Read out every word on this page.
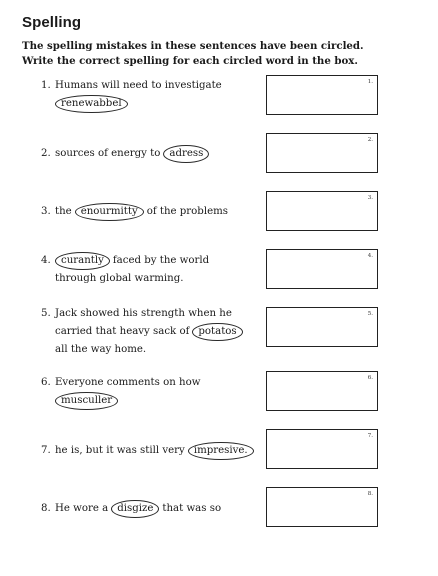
Spelling

The spelling mistakes in these sentences have been circled.

Write the correct spelling for each circled word in the box.

1. Humans will need to investigate
renewabbel
1.
2. sources of energy to adress
2.
3. the enourmitty of the problems
3.
4.	curantly faced by the world
through global warming.
4.
5. Jack showed his strength when he
carried that heavy sack of potatos
all the way home.
5.
6. Everyone comments on how
musculler
6.
7. he is, but it was still very impresive.
7.
8. He wore a disgize that was so
8.
